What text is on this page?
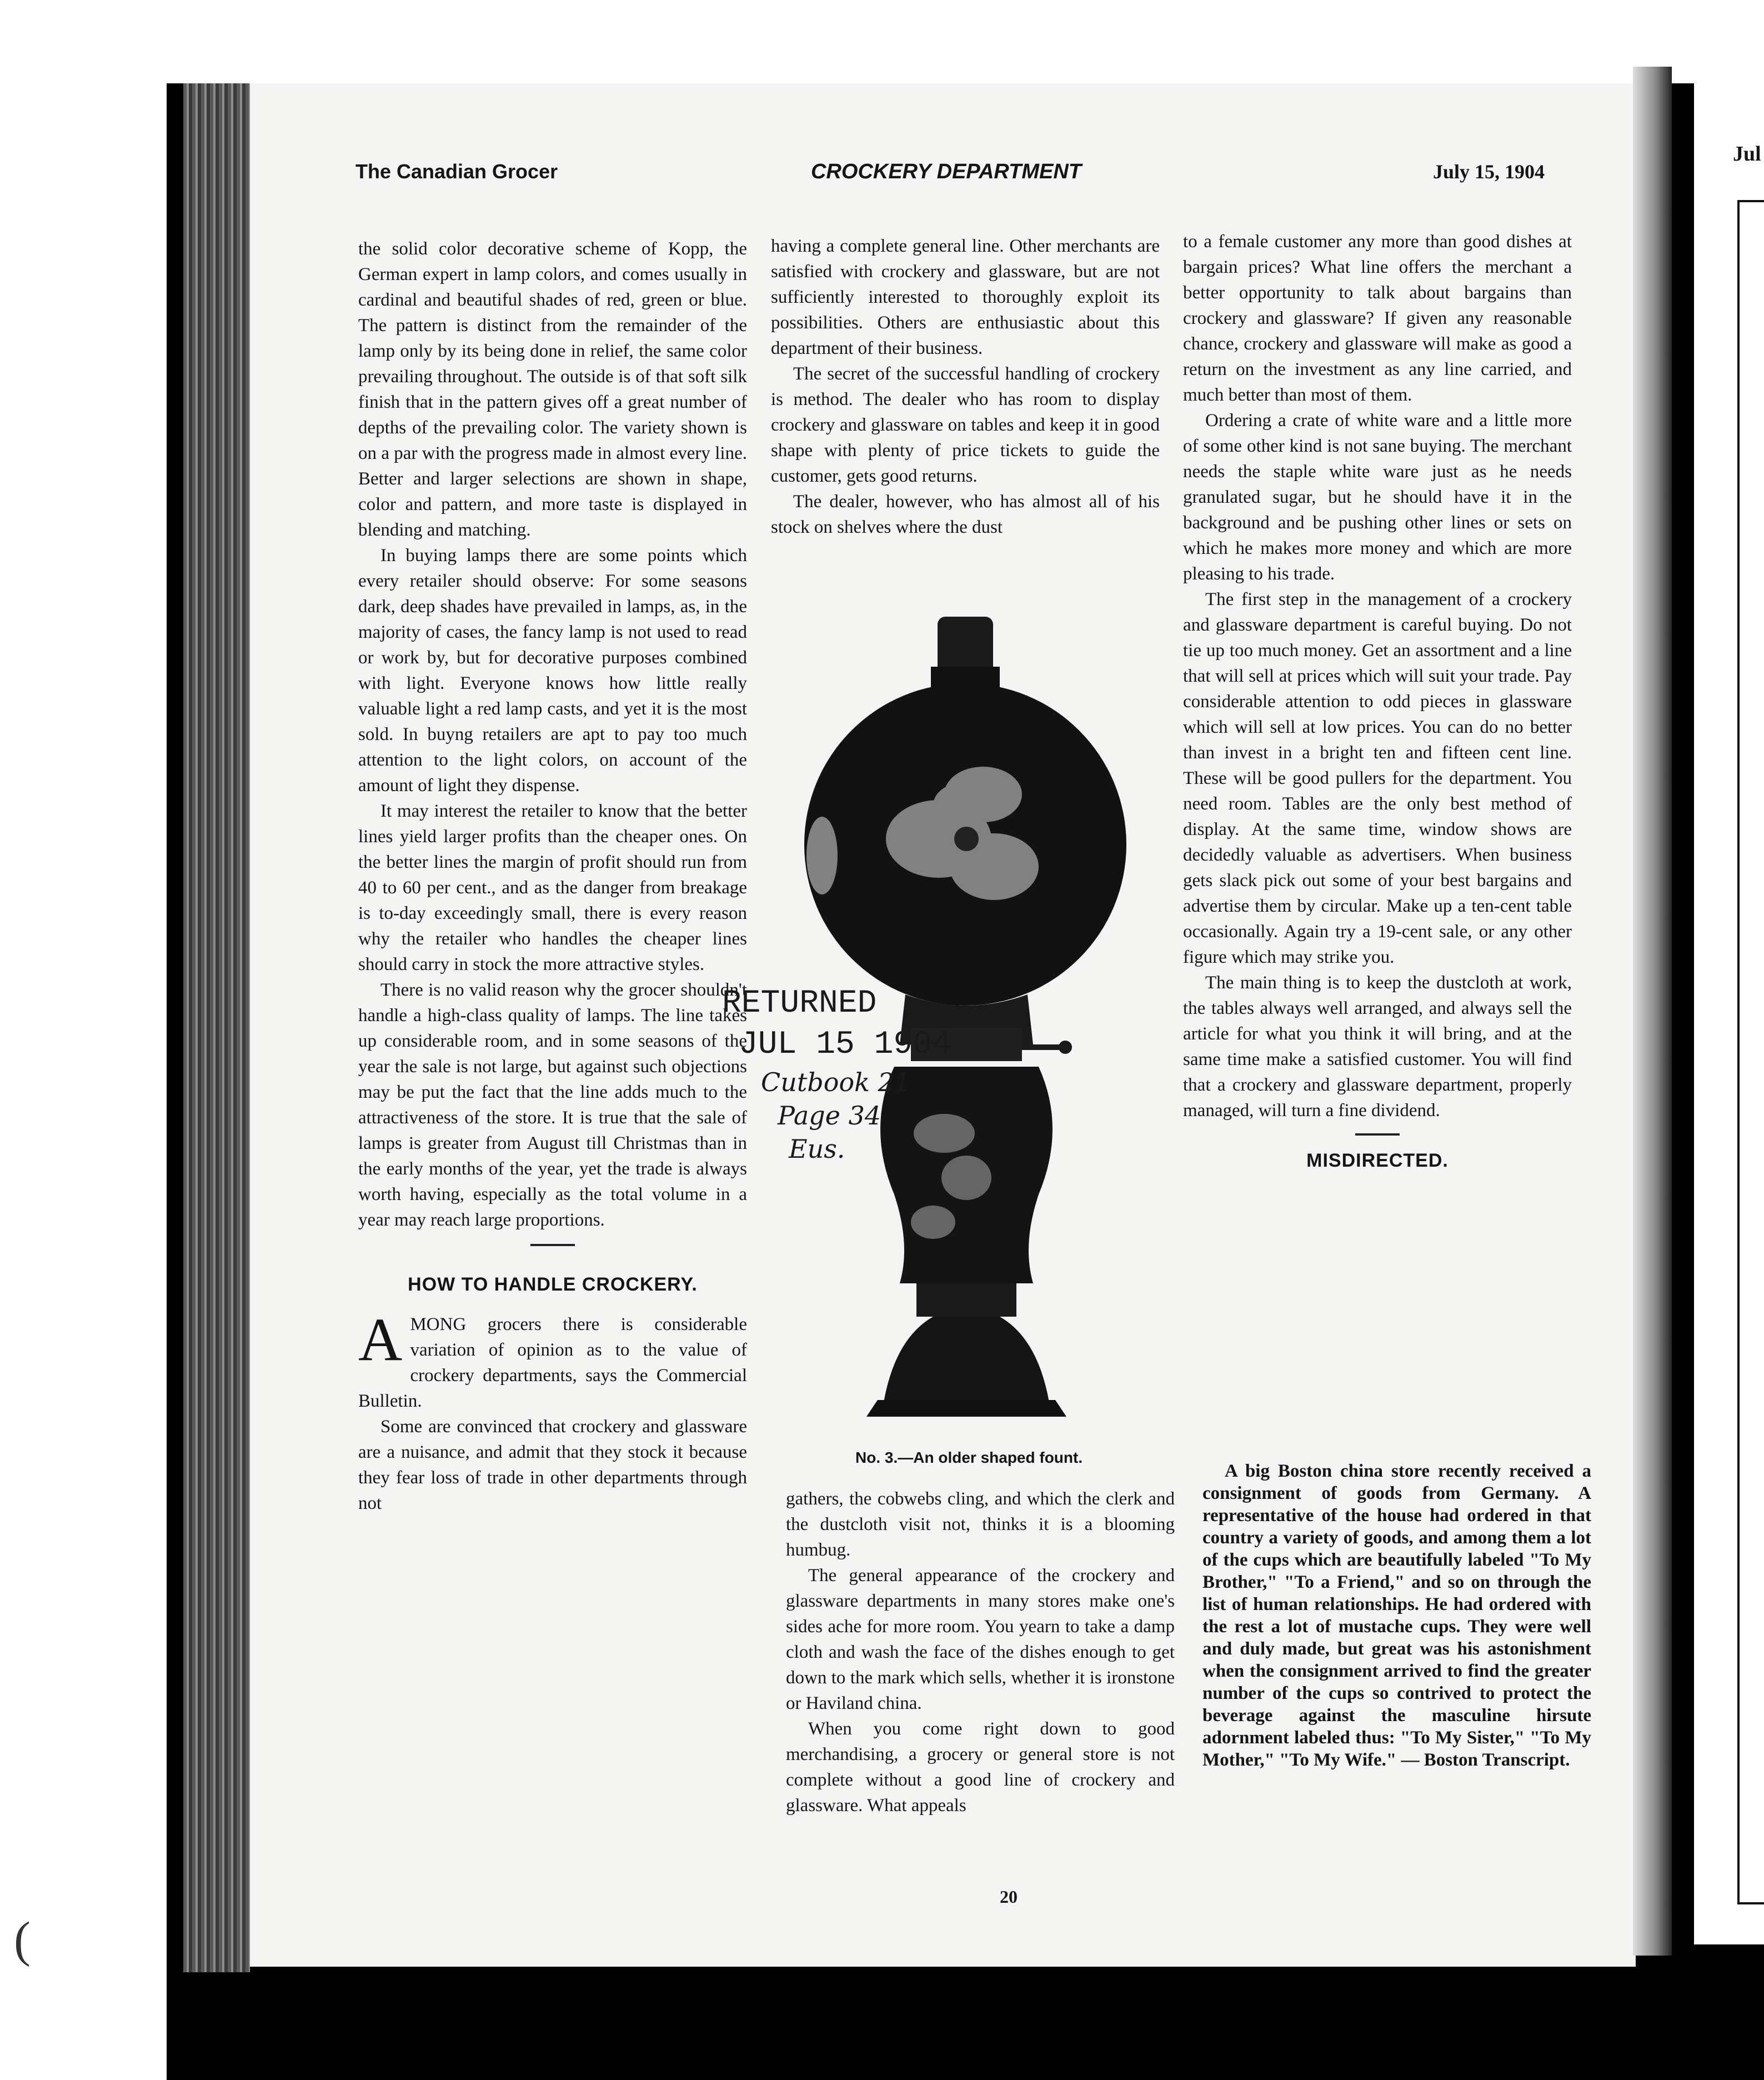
(
Jul
The Canadian Grocer	CROCKERY DEPARTMENT	July 15, 1904

the solid color decorative scheme of Kopp, the German expert in lamp colors, and comes usually in cardinal and beautiful shades of red, green or blue. The pattern is distinct from the remainder of the lamp only by its being done in relief, the same color prevailing throughout. The outside is of that soft silk finish that in the pattern gives off a great number of depths of the prevailing color. The variety shown is on a par with the progress made in almost every line. Better and larger selections are shown in shape, color and pattern, and more taste is displayed in blending and matching.

In buying lamps there are some points which every retailer should observe: For some seasons dark, deep shades have prevailed in lamps, as, in the majority of cases, the fancy lamp is not used to read or work by, but for decorative purposes combined with light. Everyone knows how little really valuable light a red lamp casts, and yet it is the most sold. In buyng retailers are apt to pay too much attention to the light colors, on account of the amount of light they dispense.

It may interest the retailer to know that the better lines yield larger profits than the cheaper ones. On the better lines the margin of profit should run from 40 to 60 per cent., and as the danger from breakage is to-day exceedingly small, there is every reason why the retailer who handles the cheaper lines should carry in stock the more attractive styles.

There is no valid reason why the grocer shouldn't handle a high-class quality of lamps. The line takes up considerable room, and in some seasons of the year the sale is not large, but against such objections may be put the fact that the line adds much to the attractiveness of the store. It is true that the sale of lamps is greater from August till Christmas than in the early months of the year, yet the trade is always worth having, especially as the total volume in a year may reach large proportions.

HOW TO HANDLE CROCKERY.

AMONG grocers there is considerable variation of opinion as to the value of crockery departments, says the Commercial Bulletin.

Some are convinced that crockery and glassware are a nuisance, and admit that they stock it because they fear loss of trade in other departments through not

having a complete general line. Other merchants are satisfied with crockery and glassware, but are not sufficiently interested to thoroughly exploit its possibilities. Others are enthusiastic about this department of their business.

The secret of the successful handling of crockery is method. The dealer who has room to display crockery and glassware on tables and keep it in good shape with plenty of price tickets to guide the customer, gets good returns.

The dealer, however, who has almost all of his stock on shelves where the dust

RETURNED
JUL 15 1904
Cutbook 21
Page 34
Eus.
No. 3.—An older shaped fount.

gathers, the cobwebs cling, and which the clerk and the dustcloth visit not, thinks it is a blooming humbug.

The general appearance of the crockery and glassware departments in many stores make one's sides ache for more room. You yearn to take a damp cloth and wash the face of the dishes enough to get down to the mark which sells, whether it is ironstone or Haviland china.

When you come right down to good merchandising, a grocery or general store is not complete without a good line of crockery and glassware. What appeals

to a female customer any more than good dishes at bargain prices? What line offers the merchant a better opportunity to talk about bargains than crockery and glassware? If given any reasonable chance, crockery and glassware will make as good a return on the investment as any line carried, and much better than most of them.

Ordering a crate of white ware and a little more of some other kind is not sane buying. The merchant needs the staple white ware just as he needs granulated sugar, but he should have it in the background and be pushing other lines or sets on which he makes more money and which are more pleasing to his trade.

The first step in the management of a crockery and glassware department is careful buying. Do not tie up too much money. Get an assortment and a line that will sell at prices which will suit your trade. Pay considerable attention to odd pieces in glassware which will sell at low prices. You can do no better than invest in a bright ten and fifteen cent line. These will be good pullers for the department. You need room. Tables are the only best method of display. At the same time, window shows are decidedly valuable as advertisers. When business gets slack pick out some of your best bargains and advertise them by circular. Make up a ten-cent table occasionally. Again try a 19-cent sale, or any other figure which may strike you.

The main thing is to keep the dustcloth at work, the tables always well arranged, and always sell the article for what you think it will bring, and at the same time make a satisfied customer. You will find that a crockery and glassware department, properly managed, will turn a fine dividend.

MISDIRECTED.

A big Boston china store recently received a consignment of goods from Germany. A representative of the house had ordered in that country a variety of goods, and among them a lot of the cups which are beautifully labeled "To My Brother," "To a Friend," and so on through the list of human relationships. He had ordered with the rest a lot of mustache cups. They were well and duly made, but great was his astonishment when the consignment arrived to find the greater number of the cups so contrived to protect the beverage against the masculine hirsute adornment labeled thus: "To My Sister," "To My Mother," "To My Wife." — Boston Transcript.

20
